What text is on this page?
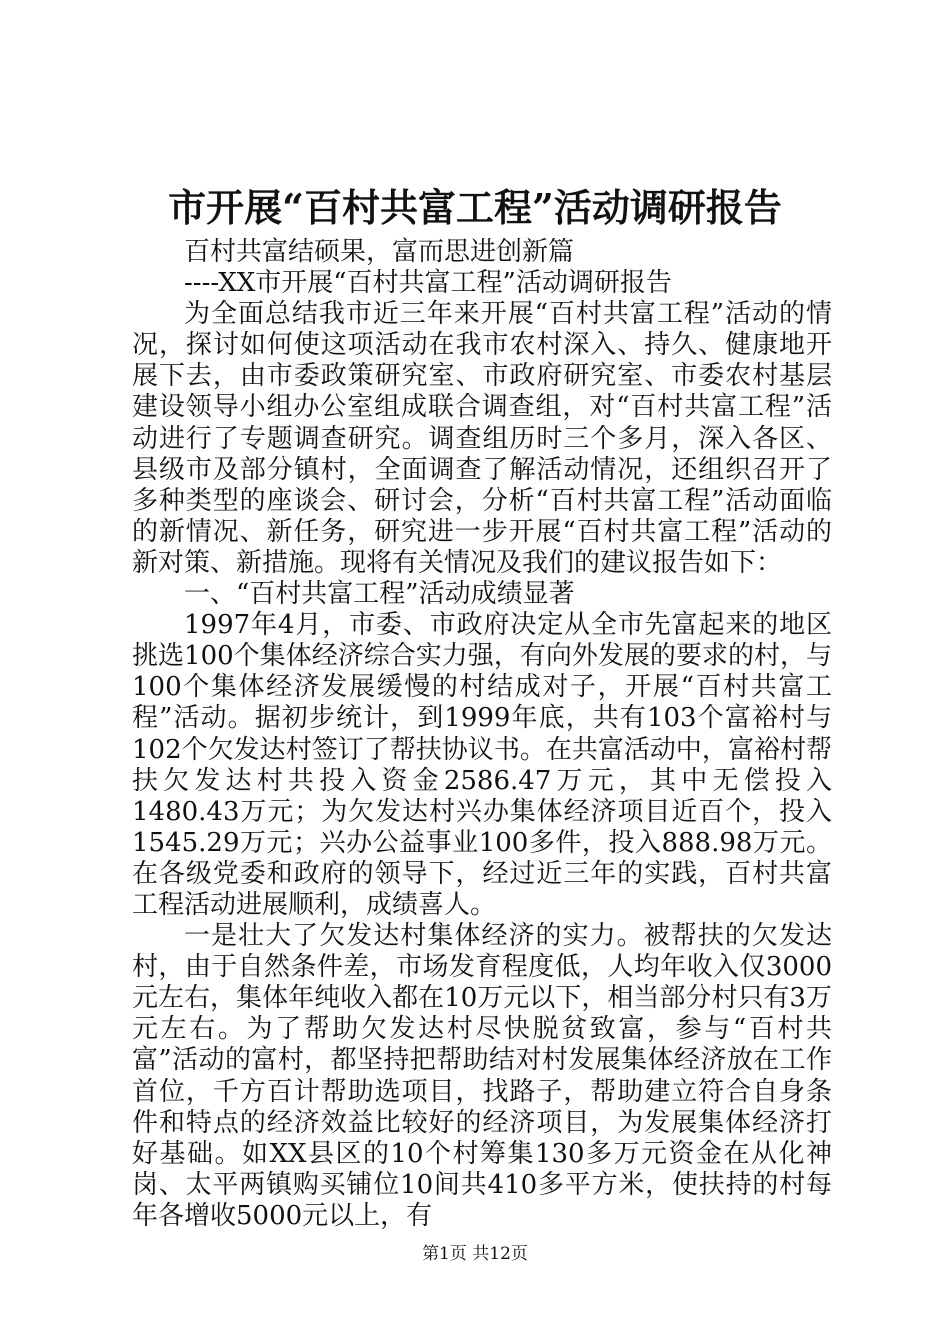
市开展“百村共富工程”活动调研报告

百村共富结硕果，富而思进创新篇

----XX市开展“百村共富工程”活动调研报告

为全面总结我市近三年来开展“百村共富工程”活动的情况，探讨如何使这项活动在我市农村深入、持久、健康地开展下去，由市委政策研究室、市政府研究室、市委农村基层建设领导小组办公室组成联合调查组，对“百村共富工程”活动进行了专题调查研究。调查组历时三个多月，深入各区、县级市及部分镇村，全面调查了解活动情况，还组织召开了多种类型的座谈会、研讨会，分析“百村共富工程”活动面临的新情况、新任务，研究进一步开展“百村共富工程”活动的新对策、新措施。现将有关情况及我们的建议报告如下：

一、“百村共富工程”活动成绩显著

1997年4月，市委、市政府决定从全市先富起来的地区挑选100个集体经济综合实力强，有向外发展的要求的村，与100个集体经济发展缓慢的村结成对子，开展“百村共富工程”活动。据初步统计，到1999年底，共有103个富裕村与102个欠发达村签订了帮扶协议书。在共富活动中，富裕村帮扶欠发达村共投入资金2586.47万元，其中无偿投入1480.43万元；为欠发达村兴办集体经济项目近百个，投入1545.29万元；兴办公益事业100多件，投入888.98万元。在各级党委和政府的领导下，经过近三年的实践，百村共富工程活动进展顺利，成绩喜人。

一是壮大了欠发达村集体经济的实力。被帮扶的欠发达村，由于自然条件差，市场发育程度低，人均年收入仅3000元左右，集体年纯收入都在10万元以下，相当部分村只有3万元左右。为了帮助欠发达村尽快脱贫致富，参与“百村共富”活动的富村，都坚持把帮助结对村发展集体经济放在工作首位，千方百计帮助选项目，找路子，帮助建立符合自身条件和特点的经济效益比较好的经济项目，为发展集体经济打好基础。如XX县区的10个村筹集130多万元资金在从化神岗、太平两镇购买铺位10间共410多平方米，使扶持的村每年各增收5000元以上，有

第1页 共12页
